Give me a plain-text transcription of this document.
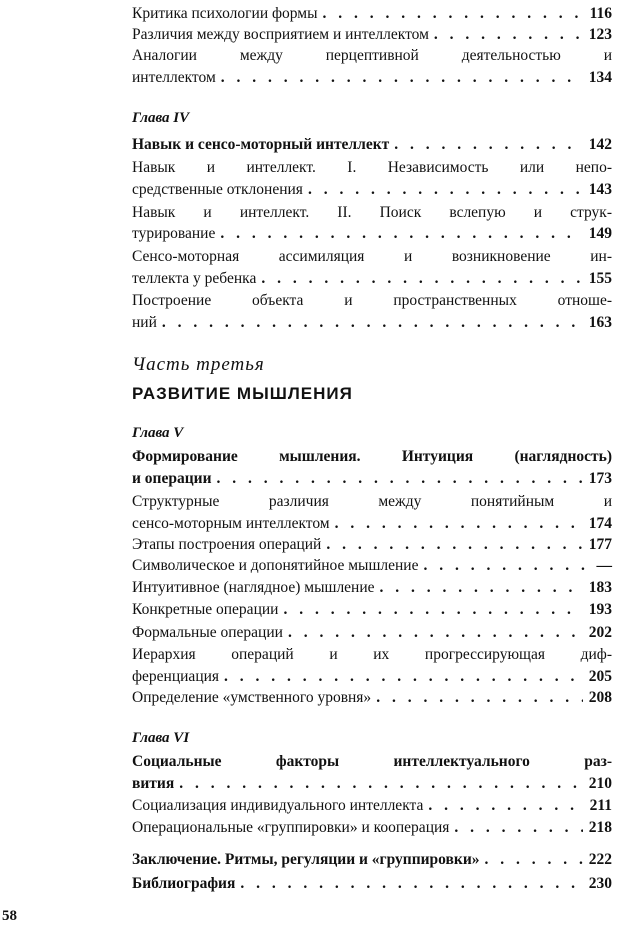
Критика психологии формы . . .	116
Различия между восприятием и интеллектом . . .	123
Аналогии между перцептивной деятельностью и
интеллектом . . .	134
Глава IV
Навык и сенсо-моторный интеллект . . .	142
Навык и интеллект. I. Независимость или непо-
средственные отклонения . . .	143
Навык и интеллект. II. Поиск вслепую и струк-
турирование . . .	149
Сенсо-моторная ассимиляция и возникновение ин-
теллекта у ребенка . . .	155
Построение объекта и пространственных отноше-
ний . . .	163
Часть третья
РАЗВИТИЕ МЫШЛЕНИЯ
Глава V
Формирование мышления. Интуиция (наглядность)
и операции . . .	173
Структурные различия между понятийным и
сенсо-моторным интеллектом . . .	174
Этапы построения операций . . .	177
Символическое и допонятийное мышление . . .	—
Интуитивное (наглядное) мышление . . .	183
Конкретные операции . . .	193
Формальные операции . . .	202
Иерархия операций и их прогрессирующая диф-
ференциация . . .	205
Определение «умственного уровня» . . .	208
Глава VI
Социальные факторы интеллектуального раз-
вития . . .	210
Социализация индивидуального интеллекта . . .	211
Операциональные «группировки» и кооперация . . .	218
Заключение. Ритмы, регуляции и «группировки» . . .	222
Библиография . . .	230
58
